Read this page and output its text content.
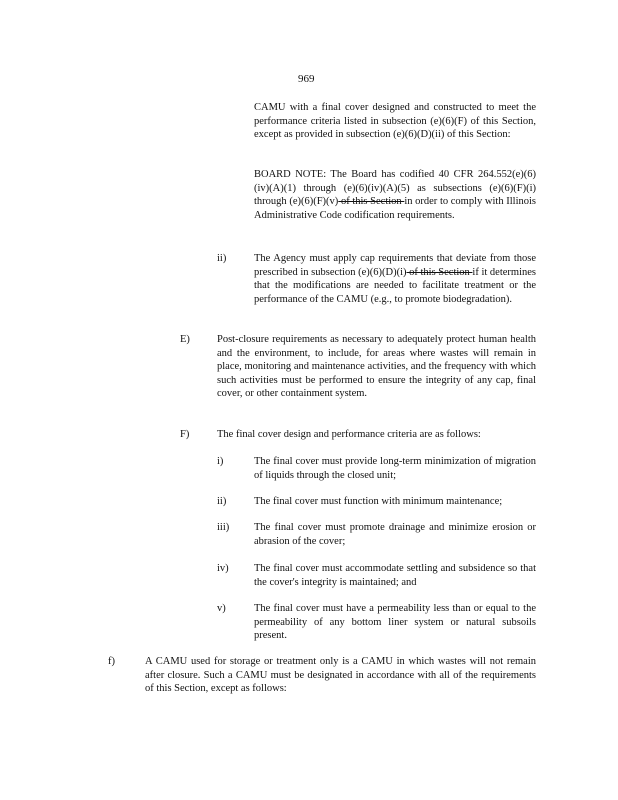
969
CAMU with a final cover designed and constructed to meet the performance criteria listed in subsection (e)(6)(F) of this Section, except as provided in subsection (e)(6)(D)(ii) of this Section:
BOARD NOTE: The Board has codified 40 CFR 264.552(e)(6)(iv)(A)(1) through (e)(6)(iv)(A)(5) as subsections (e)(6)(F)(i) through (e)(6)(F)(v) of this Section in order to comply with Illinois Administrative Code codification requirements.
ii)	The Agency must apply cap requirements that deviate from those prescribed in subsection (e)(6)(D)(i) of this Section if it determines that the modifications are needed to facilitate treatment or the performance of the CAMU (e.g., to promote biodegradation).
E)	Post-closure requirements as necessary to adequately protect human health and the environment, to include, for areas where wastes will remain in place, monitoring and maintenance activities, and the frequency with which such activities must be performed to ensure the integrity of any cap, final cover, or other containment system.
F)	The final cover design and performance criteria are as follows:
i)	The final cover must provide long-term minimization of migration of liquids through the closed unit;
ii)	The final cover must function with minimum maintenance;
iii) The final cover must promote drainage and minimize erosion or abrasion of the cover;
iv) The final cover must accommodate settling and subsidence so that the cover's integrity is maintained; and
v)	The final cover must have a permeability less than or equal to the permeability of any bottom liner system or natural subsoils present.
f)	A CAMU used for storage or treatment only is a CAMU in which wastes will not remain after closure. Such a CAMU must be designated in accordance with all of the requirements of this Section, except as follows:
